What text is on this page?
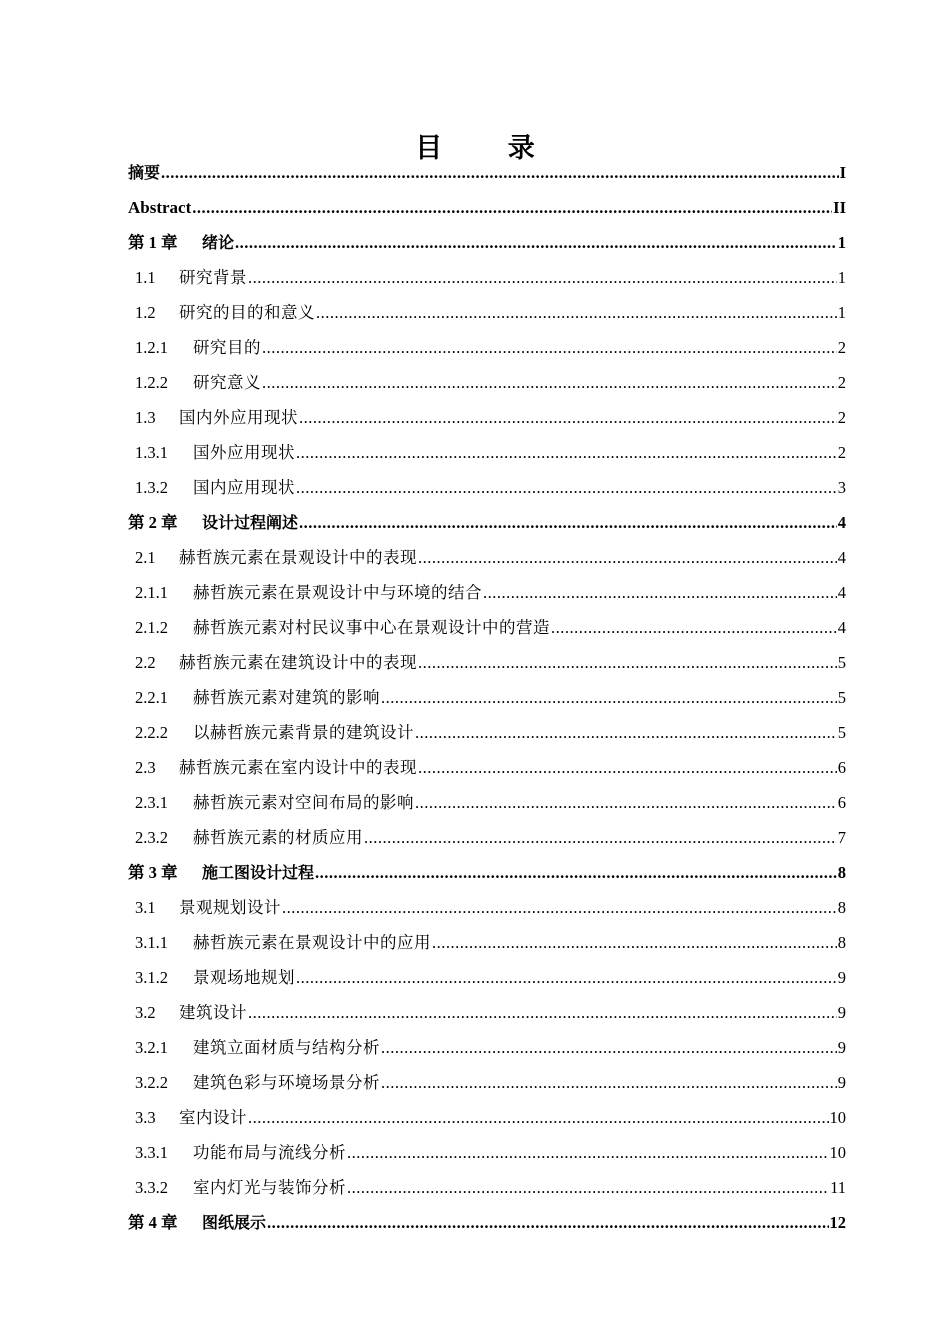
目 录
摘要 .....	I
Abstract .....	II
第 1 章	绪论 .....	1
1.1	研究背景 .....	1
1.2	研究的目的和意义 .....	1
1.2.1	研究目的 .....	2
1.2.2	研究意义 .....	2
1.3	国内外应用现状 .....	2
1.3.1	国外应用现状 .....	2
1.3.2	国内应用现状 .....	3
第 2 章	设计过程阐述 .....	4
2.1	赫哲族元素在景观设计中的表现 .....	4
2.1.1	赫哲族元素在景观设计中与环境的结合 .....	4
2.1.2	赫哲族元素对村民议事中心在景观设计中的营造 .....	4
2.2	赫哲族元素在建筑设计中的表现 .....	5
2.2.1	赫哲族元素对建筑的影响 .....	5
2.2.2	以赫哲族元素背景的建筑设计 .....	5
2.3	赫哲族元素在室内设计中的表现 .....	6
2.3.1	赫哲族元素对空间布局的影响 .....	6
2.3.2	赫哲族元素的材质应用 .....	7
第 3 章	施工图设计过程 .....	8
3.1	景观规划设计 .....	8
3.1.1	赫哲族元素在景观设计中的应用 .....	8
3.1.2	景观场地规划 .....	9
3.2	建筑设计 .....	9
3.2.1	建筑立面材质与结构分析 .....	9
3.2.2	建筑色彩与环境场景分析 .....	9
3.3	室内设计 .....	10
3.3.1	功能布局与流线分析 .....	10
3.3.2	室内灯光与装饰分析 .....	11
第 4 章	图纸展示 .....	12
